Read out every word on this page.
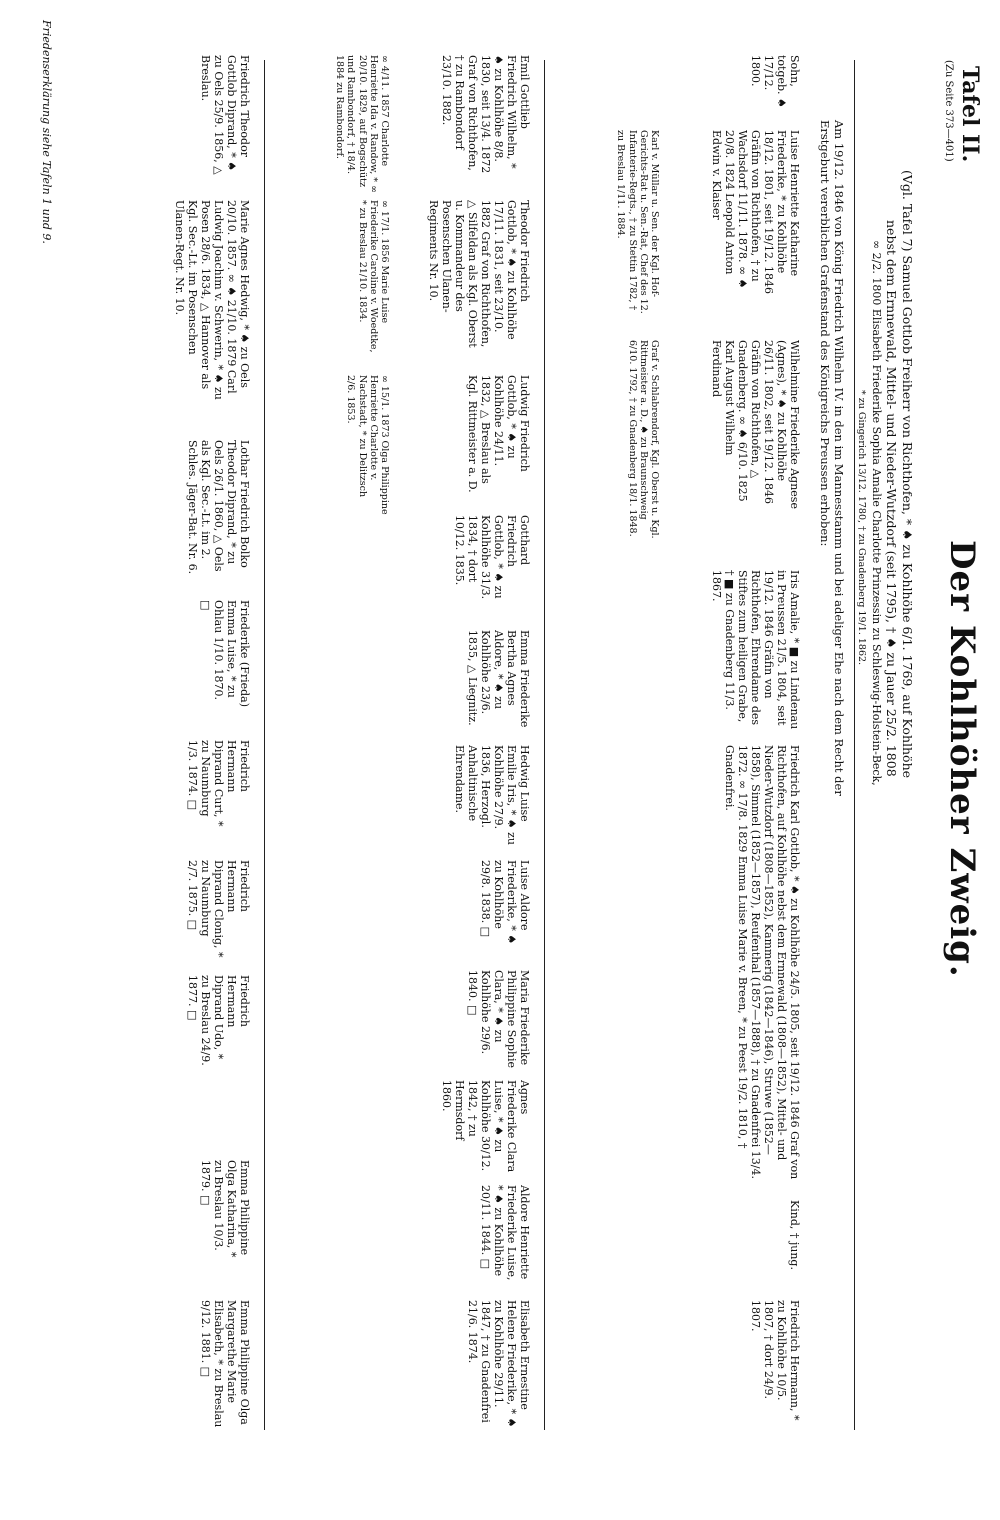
Tafel II.
(Zu Seite 373—401)
Der Kohlhöher Zweig.
(Vgl. Tafel 7) Samuel Gottlob Freiherr von Richthofen, * ♠ zu Kohlhöhe 6/1. 1769, auf Kohlhöhe
nebst dem Ernnewald, Mittel- und Nieder-Wutzdorf (seit 1795), † ♠ zu Jauer 25/2. 1808
∞ 2/2. 1800 Elisabeth Friederike Sophia Amalie Charlotte Prinzessin zu Schleswig-Holstein-Beck,
* zu Gingerich 13/12. 1780, † zu Gnadenberg 19/1. 1862.
Am 19/12. 1846 von König Friedrich Wilhelm IV. in den im Mannesstamm und bei adeliger Ehe nach dem Recht der Erstgeburt vererblichen Grafenstand des Königreichs Preussen erhoben:
Sohn, totgeb. ♠ 17/12. 1800.
Luise Henriette Katharine Friederike, * zu Kohlhöhe 18/12. 1801, seit 19/12. 1846 Gräfin von Richthofen, † zu Wachsdorf 11/11. 1878. ∞ ♠ 20/8. 1824 Leopold Anton Edwin v. Klaiser
Wilhelmine Friederike Agnese (Agnes), * ♠ zu Kohlhöhe 26/11. 1802, seit 19/12. 1846 Gräfin von Richthofen, △ Gnadenberg. ∞ ♠ 6/10. 1825 Karl August Wilhelm Ferdinand
Iris Amalie, * ■ zu Lindenau in Preussen 21/5. 1804, seit 19/12. 1846 Gräfin von Richthofen, Ehrendame des Stiftes zum heiligen Grabe, † ■ zu Gnadenberg 11/3. 1867.
Friedrich Karl Gottlob, * ♠ zu Kohlhöhe 24/5. 1805, seit 19/12. 1846 Graf von Richthofen, auf Kohlhöhe nebst dem Ernnewald (1808—1852), Mittel- und Nieder-Wutzdorf (1808—1852), Kammerig (1842—1846), Struwe (1852—1858), Simmel (1852—1857), Reufenthal (1857—1888), † zu Gnadenfrei 13/4. 1872. ∞ 17/8. 1829 Emma Luise Marie v. Breen, * zu Peest 19/2. 1810, † Gnadenfrei.
Kind, † jung.
Friedrich Hermann, * zu Kohlhöhe 10/5. 1807, † dort 24/9. 1807.
Karl v. Müllar u. Sen. der Kgl. Hof-Gerichts-Rat u. Sen.-Rat, Chef des 12. Infanterie-Regts., † zu Stettin 1782, † zu Breslau 1/11. 1884.
Graf v. Schlabrendorf, Kgl. Oberst u. Kgl. Rittmeister a. D., ♠ zu Braunschweig 6/10. 1792, † zu Gnadenberg 18/1. 1848.
Emil Gottlieb Friedrich Wilhelm, * ♠ zu Kohlhöhe 8/8. 1830, seit 13/4. 1872 Graf von Richthofen, † zu Rambondorf 23/10. 1882.
Theodor Friedrich Gottlob, * ♠ zu Kohlhöhe 17/11. 1831, seit 23/10. 1882 Graf von Richthofen, △ Silfeldan als Kgl. Oberst u. Kommandeur des Posenschen Ulanen-Regiments Nr. 10.
Ludwig Friedrich Gottlob, * ♠ zu Kohlhöhe 24/11. 1832, △ Breslau als Kgl. Rittmeister a. D.
Gotthard Friedrich Gottlob, * ♠ zu Kohlhöhe 31/3. 1834, † dort 10/12. 1835.
Emma Friederike Bertha Agnes Aldore, * ♠ zu Kohlhöhe 23/6. 1835, △ Liegnitz.
Hedwig Luise Emilie Iris, * ♠ zu Kohlhöhe 27/9. 1836, Herzogl. Anhaltinische Ehrendame.
Luise Aldore Friederike, * ♠ zu Kohlhöhe 29/8. 1838. □
Maria Friederike Philippine Sophie Clara, * ♠ zu Kohlhöhe 29/6. 1840. □
Agnes Friederike Clara Luise, * ♠ zu Kohlhöhe 30/12. 1842, † zu Hermsdorf 1860.
Aldore Henriette Friederike Luise, * ♠ zu Kohlhöhe 20/11. 1844. □
Elisabeth Ernestine Helene Friederike, * ♠ zu Kohlhöhe 29/11. 1847, † zu Gnadenfrei 21/6. 1874.
∞ 4/11. 1857 Charlotte Henriette Ida v. Randow, * ∞ 20/10. 1829, auf Bogschütz und Rambondorf, † 18/4. 1884 zu Rambondorf.
∞ 17/1. 1856 Marie Luise Friederike Caroline v. Woedtke, * zu Breslau 21/10. 1834.
∞ 15/1. 1873 Olga Philippine Henriette Charlotte v. Nachstadt, * zu Delitzsch 2/6. 1853.
Friedrich Theodor Gottlob Diprand, * ♠ zu Oels 25/9. 1856, △ Breslau.
Marie Agnes Hedwig, * ♠ zu Oels 20/10. 1857. ∞ ♠ 21/10. 1879 Carl Ludwig Joachim v. Schwerin, * ♠ zu Posen 28/6. 1834, △ Hannover als Kgl. Sec.-Lt. im Posenschen Ulanen-Regt. Nr. 10.
Lothar Friedrich Bolko Theodor Diprand, * zu Oels 26/1. 1860, △ Oels als Kgl. Sec.-Lt. im 2. Schles. Jäger-Bat. Nr. 6.
Friederike (Frieda) Emma Luise, * zu Ohlau 1/10. 1870. □
Friedrich Hermann Diprand Curt, * zu Naumburg 1/3. 1874. □
Friedrich Hermann Diprand Clonig, * zu Naumburg 2/7. 1875. □
Friedrich Hermann Diprand Udo, * zu Breslau 24/9. 1877. □
Emma Philippine Olga Katharina, * zu Breslau 10/3. 1879. □
Emma Philippine Olga Margarethe Marie Elisabeth, * zu Breslau 9/12. 1881. □
Friedenserklärung siehe Tafeln 1 und 9.
